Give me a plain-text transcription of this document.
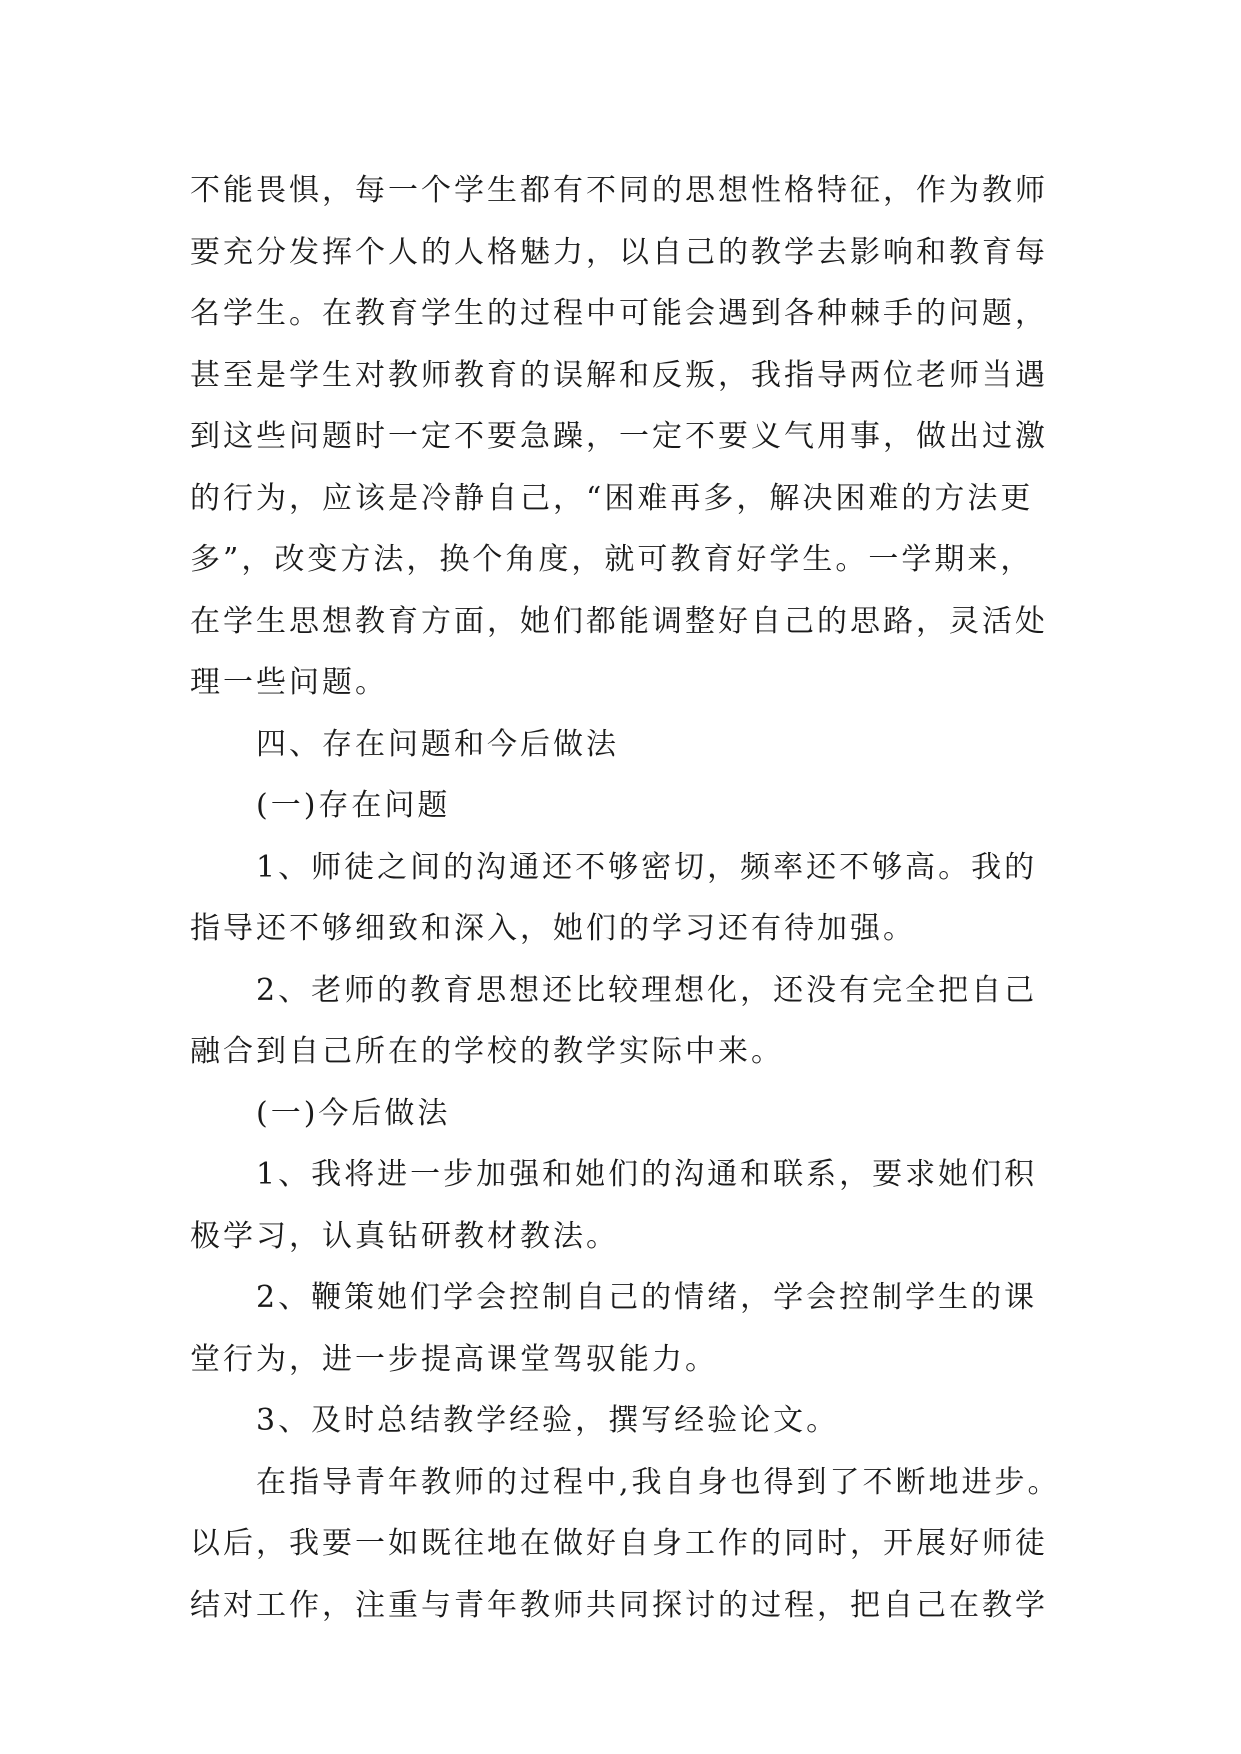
不能畏惧，每一个学生都有不同的思想性格特征，作为教师
要充分发挥个人的人格魅力，以自己的教学去影响和教育每
名学生。在教育学生的过程中可能会遇到各种棘手的问题，
甚至是学生对教师教育的误解和反叛，我指导两位老师当遇
到这些问题时一定不要急躁，一定不要义气用事，做出过激
的行为，应该是冷静自己，“困难再多，解决困难的方法更
多”，改变方法，换个角度，就可教育好学生。一学期来，
在学生思想教育方面，她们都能调整好自己的思路，灵活处
理一些问题。
四、存在问题和今后做法
(一)存在问题
1、师徒之间的沟通还不够密切，频率还不够高。我的
指导还不够细致和深入，她们的学习还有待加强。
2、老师的教育思想还比较理想化，还没有完全把自己
融合到自己所在的学校的教学实际中来。
(一)今后做法
1、我将进一步加强和她们的沟通和联系，要求她们积
极学习，认真钻研教材教法。
2、鞭策她们学会控制自己的情绪，学会控制学生的课
堂行为，进一步提高课堂驾驭能力。
3、及时总结教学经验，撰写经验论文。
在指导青年教师的过程中,我自身也得到了不断地进步。
以后，我要一如既往地在做好自身工作的同时，开展好师徒
结对工作，注重与青年教师共同探讨的过程，把自己在教学
